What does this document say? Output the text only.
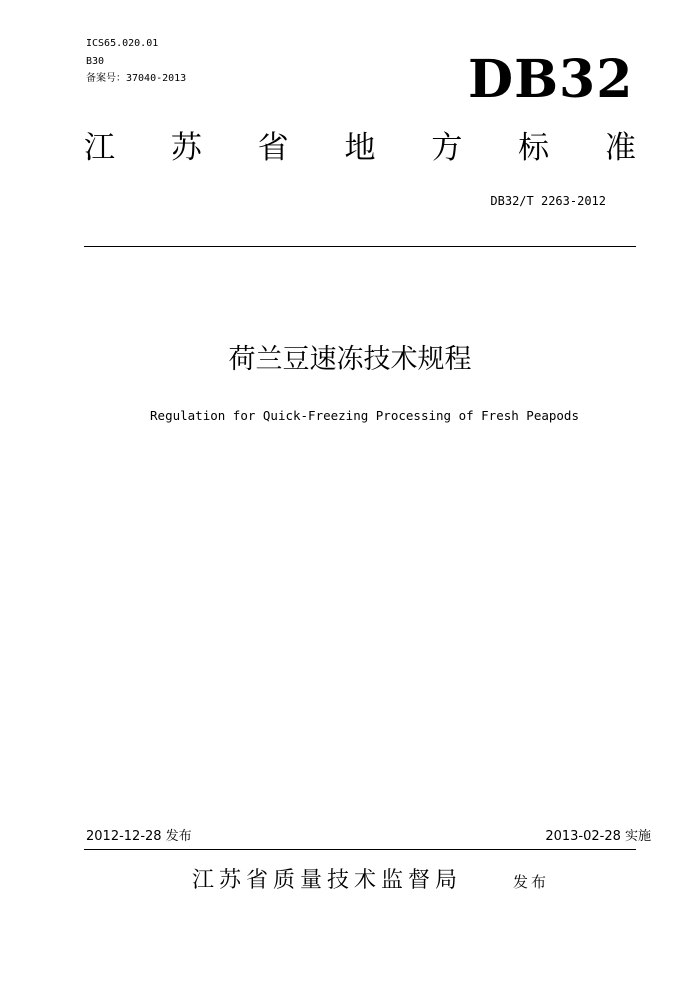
ICS65.020.01
B30
备案号：37040-2013	DB32
江 苏 省 地 方 标 准
DB32/T 2263-2012
荷兰豆速冻技术规程
Regulation for Quick-Freezing Processing of Fresh Peapods
2012-12-28 发布	2013-02-28 实施
江苏省质量技术监督局	发布
